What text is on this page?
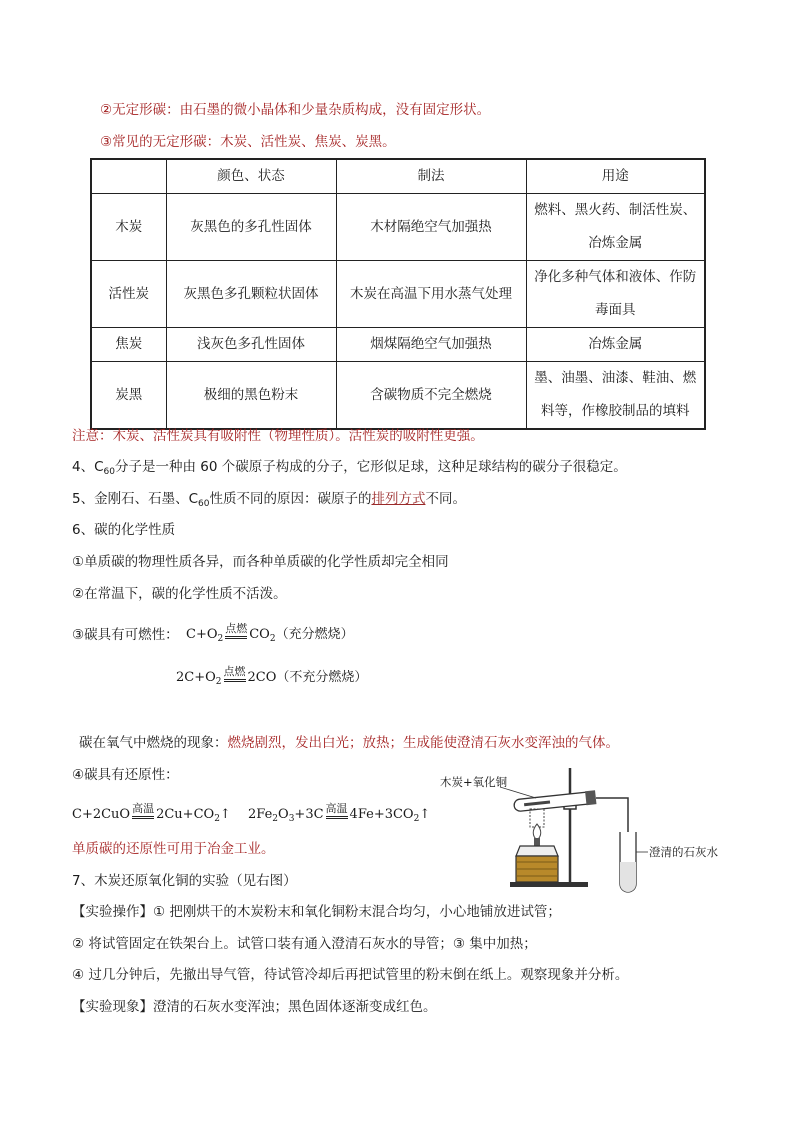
②无定形碳：由石墨的微小晶体和少量杂质构成，没有固定形状。
③常见的无定形碳：木炭、活性炭、焦炭、炭黑。
	颜色、状态	制法	用途
木炭	灰黑色的多孔性固体	木材隔绝空气加强热	燃料、黑火药、制活性炭、冶炼金属
活性炭	灰黑色多孔颗粒状固体	木炭在高温下用水蒸气处理	净化多种气体和液体、作防毒面具
焦炭	浅灰色多孔性固体	烟煤隔绝空气加强热	冶炼金属
炭黑	极细的黑色粉末	含碳物质不完全燃烧	墨、油墨、油漆、鞋油、燃料等，作橡胶制品的填料
注意：木炭、活性炭具有吸附性（物理性质）。活性炭的吸附性更强。
4、$C_{60}$分子是一种由 60 个碳原子构成的分子，它形似足球，这种足球结构的碳分子很稳定。
5、金刚石、石墨、$C_{60}$性质不同的原因：碳原子的排列方式不同。
6、碳的化学性质
①单质碳的物理性质各异，而各种单质碳的化学性质却完全相同
②在常温下，碳的化学性质不活泼。
③碳具有可燃性： $C+O_2$点燃 $CO_2$（充分燃烧）
$2C+O_2$点燃 2CO（不充分燃烧）
碳在氧气中燃烧的现象：燃烧剧烈，发出白光；放热；生成能使澄清石灰水变浑浊的气体。
④碳具有还原性：
C+2CuO 高温 $2Cu+CO_2↑$ $2Fe_2O_3+3C$ 高温 $4Fe+3CO_2↑$
单质碳的还原性可用于冶金工业。
7、木炭还原氧化铜的实验（见右图）
【实验操作】① 把刚烘干的木炭粉末和氧化铜粉末混合均匀，小心地铺放进试管；
② 将试管固定在铁架台上。试管口装有通入澄清石灰水的导管；③ 集中加热；
④ 过几分钟后，先撤出导气管，待试管冷却后再把试管里的粉末倒在纸上。观察现象并分析。
【实验现象】澄清的石灰水变浑浊；黑色固体逐渐变成红色。
木炭+氧化铜
澄清的石灰水
